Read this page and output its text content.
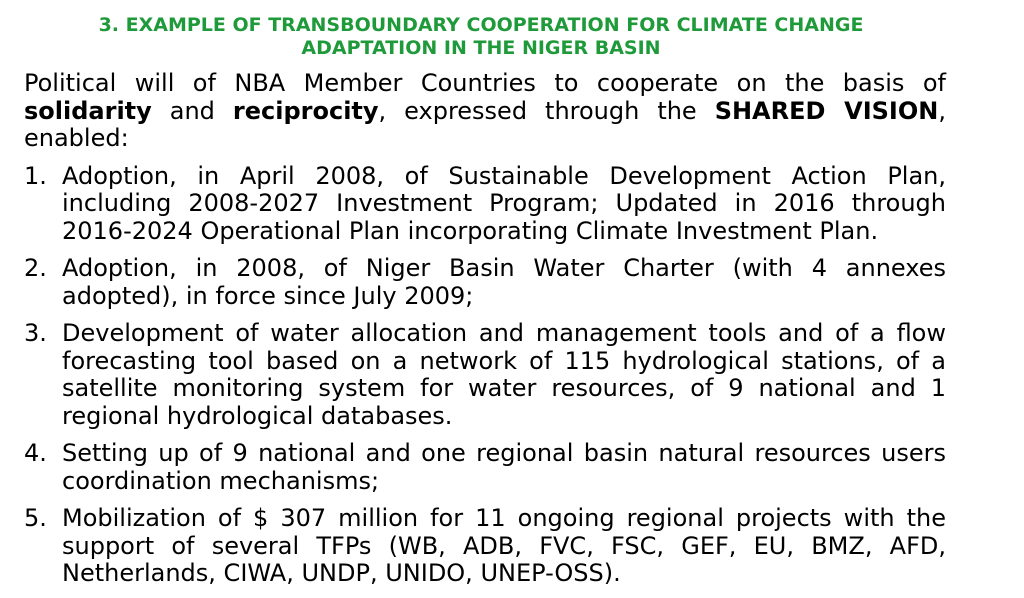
3. EXAMPLE OF TRANSBOUNDARY COOPERATION FOR CLIMATE CHANGE
ADAPTATION IN THE NIGER BASIN

Political will of NBA Member Countries to cooperate on the basis of solidarity and reciprocity, expressed through the SHARED VISION, enabled:

1. Adoption, in April 2008, of Sustainable Development Action Plan, including 2008-2027 Investment Program; Updated in 2016 through 2016-2024 Operational Plan incorporating Climate Investment Plan.
2. Adoption, in 2008, of Niger Basin Water Charter (with 4 annexes adopted), in force since July 2009;
3. Development of water allocation and management tools and of a flow forecasting tool based on a network of 115 hydrological stations, of a satellite monitoring system for water resources, of 9 national and 1 regional hydrological databases.
4. Setting up of 9 national and one regional basin natural resources users coordination mechanisms;
5. Mobilization of $ 307 million for 11 ongoing regional projects with the support of several TFPs (WB, ADB, FVC, FSC, GEF, EU, BMZ, AFD, Netherlands, CIWA, UNDP, UNIDO, UNEP-OSS).
